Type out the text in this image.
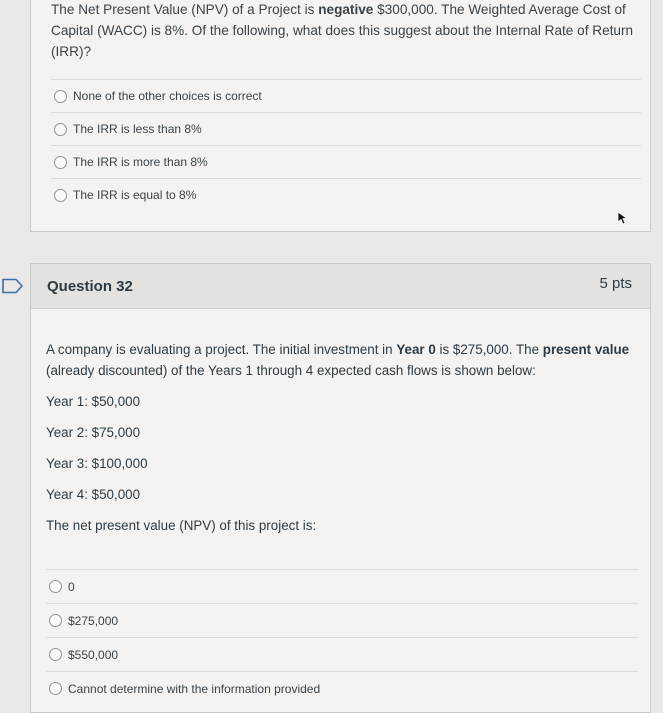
The Net Present Value (NPV) of a Project is negative $300,000. The Weighted Average Cost of Capital (WACC) is 8%. Of the following, what does this suggest about the Internal Rate of Return (IRR)?
None of the other choices is correct
The IRR is less than 8%
The IRR is more than 8%
The IRR is equal to 8%
Question 32	5 pts

A company is evaluating a project. The initial investment in Year 0 is $275,000. The present value (already discounted) of the Years 1 through 4 expected cash flows is shown below:

Year 1: $50,000

Year 2: $75,000

Year 3: $100,000

Year 4: $50,000

The net present value (NPV) of this project is:

0
$275,000
$550,000
Cannot determine with the information provided
